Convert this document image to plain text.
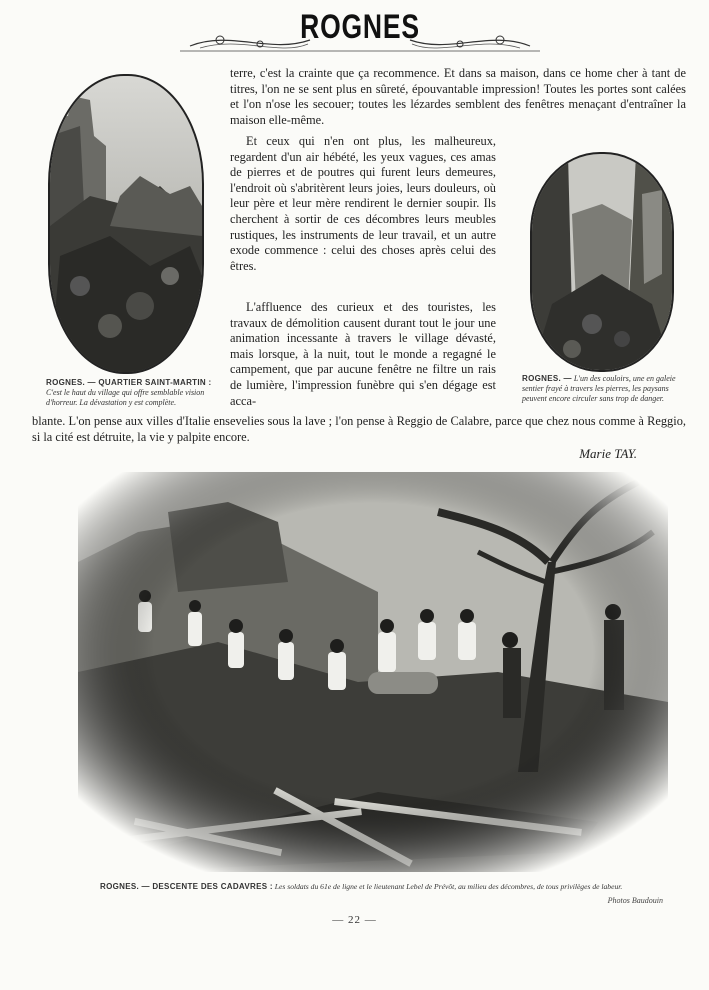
ROGNES
ROGNES. — QUARTIER SAINT-MARTIN : C'est le haut du village qui offre semblable vision d'horreur. La dévastation y est complète.
ROGNES. — L'un des couloirs, une en galeie sentier frayé à travers les pierres, les paysans peuvent encore circuler sans trop de danger.

terre, c'est la crainte que ça recommence. Et dans sa maison, dans ce home cher à tant de titres, l'on ne se sent plus en sûreté, épouvantable impression! Toutes les portes sont calées et l'on n'ose les secouer; toutes les lézardes semblent des fenêtres menaçant d'entraîner la maison elle-même.

Et ceux qui n'en ont plus, les malheureux, regardent d'un air hébété, les yeux vagues, ces amas de pierres et de poutres qui furent leurs demeures, l'endroit où s'abritèrent leurs joies, leurs douleurs, où leur père et leur mère rendirent le dernier soupir. Ils cherchent à sortir de ces décombres leurs meubles rustiques, les instruments de leur travail, et un autre exode commence : celui des choses après celui des êtres.

L'affluence des curieux et des touristes, les travaux de démolition causent durant tout le jour une animation incessante à travers le village dévasté, mais lorsque, à la nuit, tout le monde a regagné le campement, que par aucune fenêtre ne filtre un rais de lumière, l'impression funèbre qui s'en dégage est acca-

blante. L'on pense aux villes d'Italie ensevelies sous la lave ; l'on pense à Reggio de Calabre, parce que chez nous comme à Reggio, si la cité est détruite, la vie y palpite encore.

Marie TAY.
ROGNES. — DESCENTE DES CADAVRES : Les soldats du 61e de ligne et le lieutenant Lebel de Prévôt, au milieu des décombres, de tous privilèges de labeur.
Photos Baudouin
— 22 —
